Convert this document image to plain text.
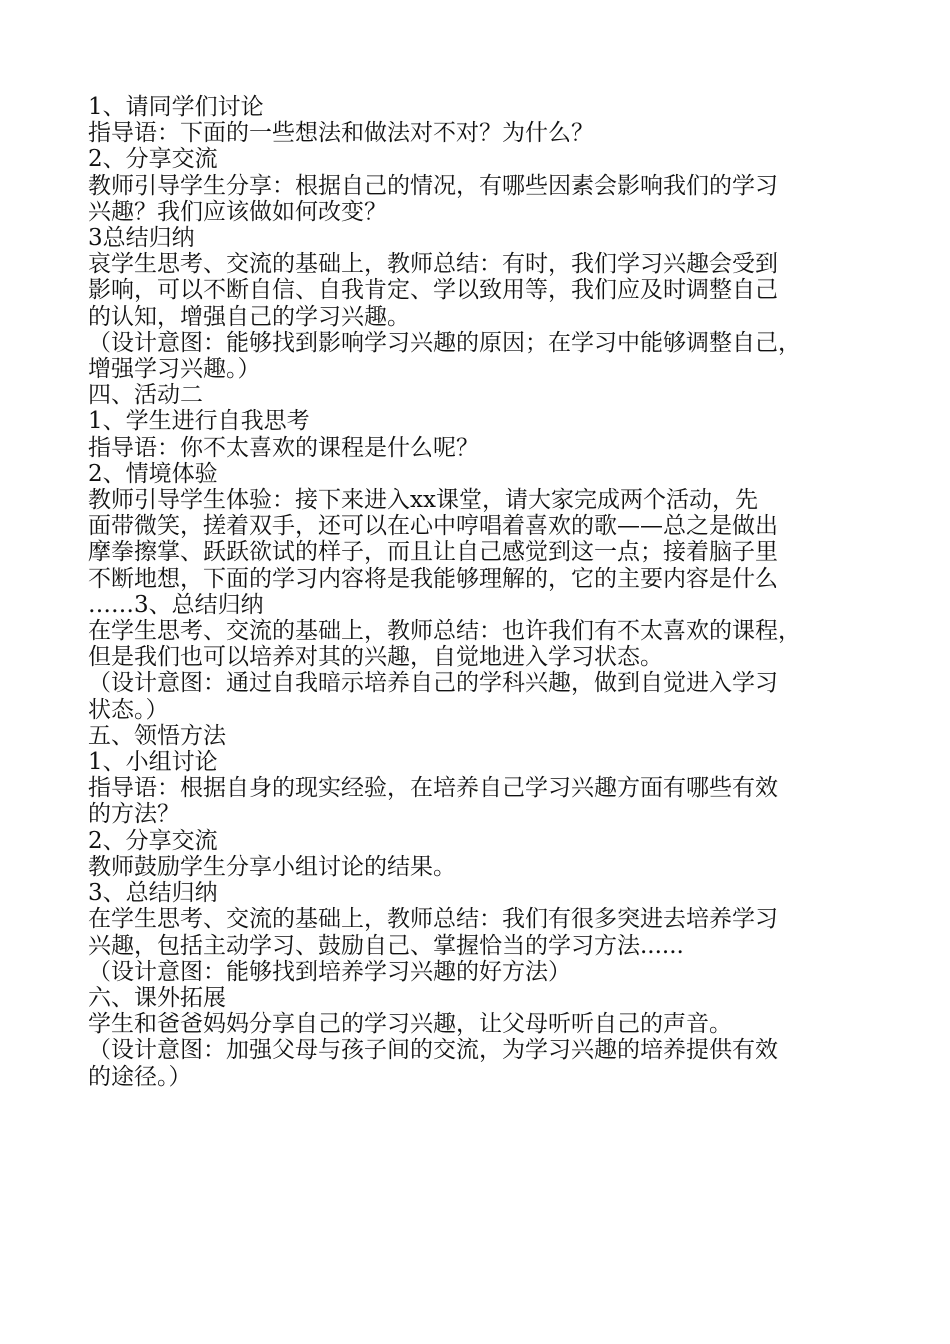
1、请同学们讨论
指导语：下面的一些想法和做法对不对？为什么？
2、分享交流
教师引导学生分享：根据自己的情况，有哪些因素会影响我们的学习
兴趣？我们应该做如何改变？
3总结归纳
哀学生思考、交流的基础上，教师总结：有时，我们学习兴趣会受到
影响，可以不断自信、自我肯定、学以致用等，我们应及时调整自己
的认知，增强自己的学习兴趣。
（设计意图：能够找到影响学习兴趣的原因；在学习中能够调整自己，
增强学习兴趣。）
四、活动二
1、学生进行自我思考
指导语：你不太喜欢的课程是什么呢？
2、情境体验
教师引导学生体验：接下来进入xx课堂，请大家完成两个活动，先
面带微笑，搓着双手，还可以在心中哼唱着喜欢的歌——总之是做出
摩拳擦掌、跃跃欲试的样子，而且让自己感觉到这一点；接着脑子里
不断地想，下面的学习内容将是我能够理解的，它的主要内容是什么
……3、总结归纳
在学生思考、交流的基础上，教师总结：也许我们有不太喜欢的课程，
但是我们也可以培养对其的兴趣，自觉地进入学习状态。
（设计意图：通过自我暗示培养自己的学科兴趣，做到自觉进入学习
状态。）
五、领悟方法
1、小组讨论
指导语：根据自身的现实经验，在培养自己学习兴趣方面有哪些有效
的方法？
2、分享交流
教师鼓励学生分享小组讨论的结果。
3、总结归纳
在学生思考、交流的基础上，教师总结：我们有很多突进去培养学习
兴趣，包括主动学习、鼓励自己、掌握恰当的学习方法......
（设计意图：能够找到培养学习兴趣的好方法）
六、课外拓展
学生和爸爸妈妈分享自己的学习兴趣，让父母听听自己的声音。
（设计意图：加强父母与孩子间的交流，为学习兴趣的培养提供有效
的途径。）
